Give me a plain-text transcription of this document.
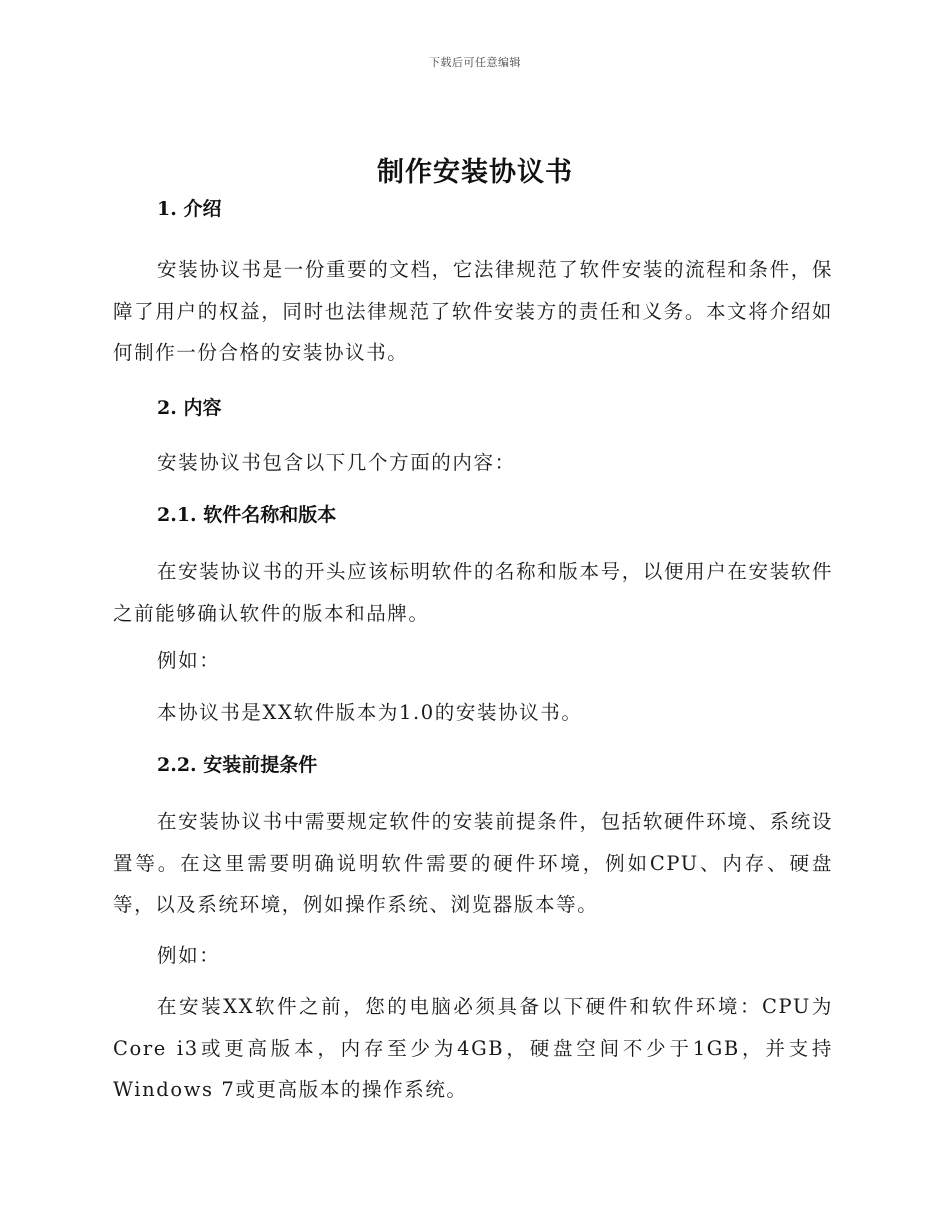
下载后可任意编辑
制作安装协议书
1. 介绍

安装协议书是一份重要的文档，它法律规范了软件安装的流程和条件，保障了用户的权益，同时也法律规范了软件安装方的责任和义务。本文将介绍如何制作一份合格的安装协议书。

2. 内容

安装协议书包含以下几个方面的内容：

2.1. 软件名称和版本

在安装协议书的开头应该标明软件的名称和版本号，以便用户在安装软件之前能够确认软件的版本和品牌。

例如：

本协议书是XX软件版本为1.0的安装协议书。

2.2. 安装前提条件

在安装协议书中需要规定软件的安装前提条件，包括软硬件环境、系统设置等。在这里需要明确说明软件需要的硬件环境，例如CPU、内存、硬盘等，以及系统环境，例如操作系统、浏览器版本等。

例如：

在安装XX软件之前，您的电脑必须具备以下硬件和软件环境：CPU为Core i3或更高版本，内存至少为4GB，硬盘空间不少于1GB，并支持Windows 7或更高版本的操作系统。
